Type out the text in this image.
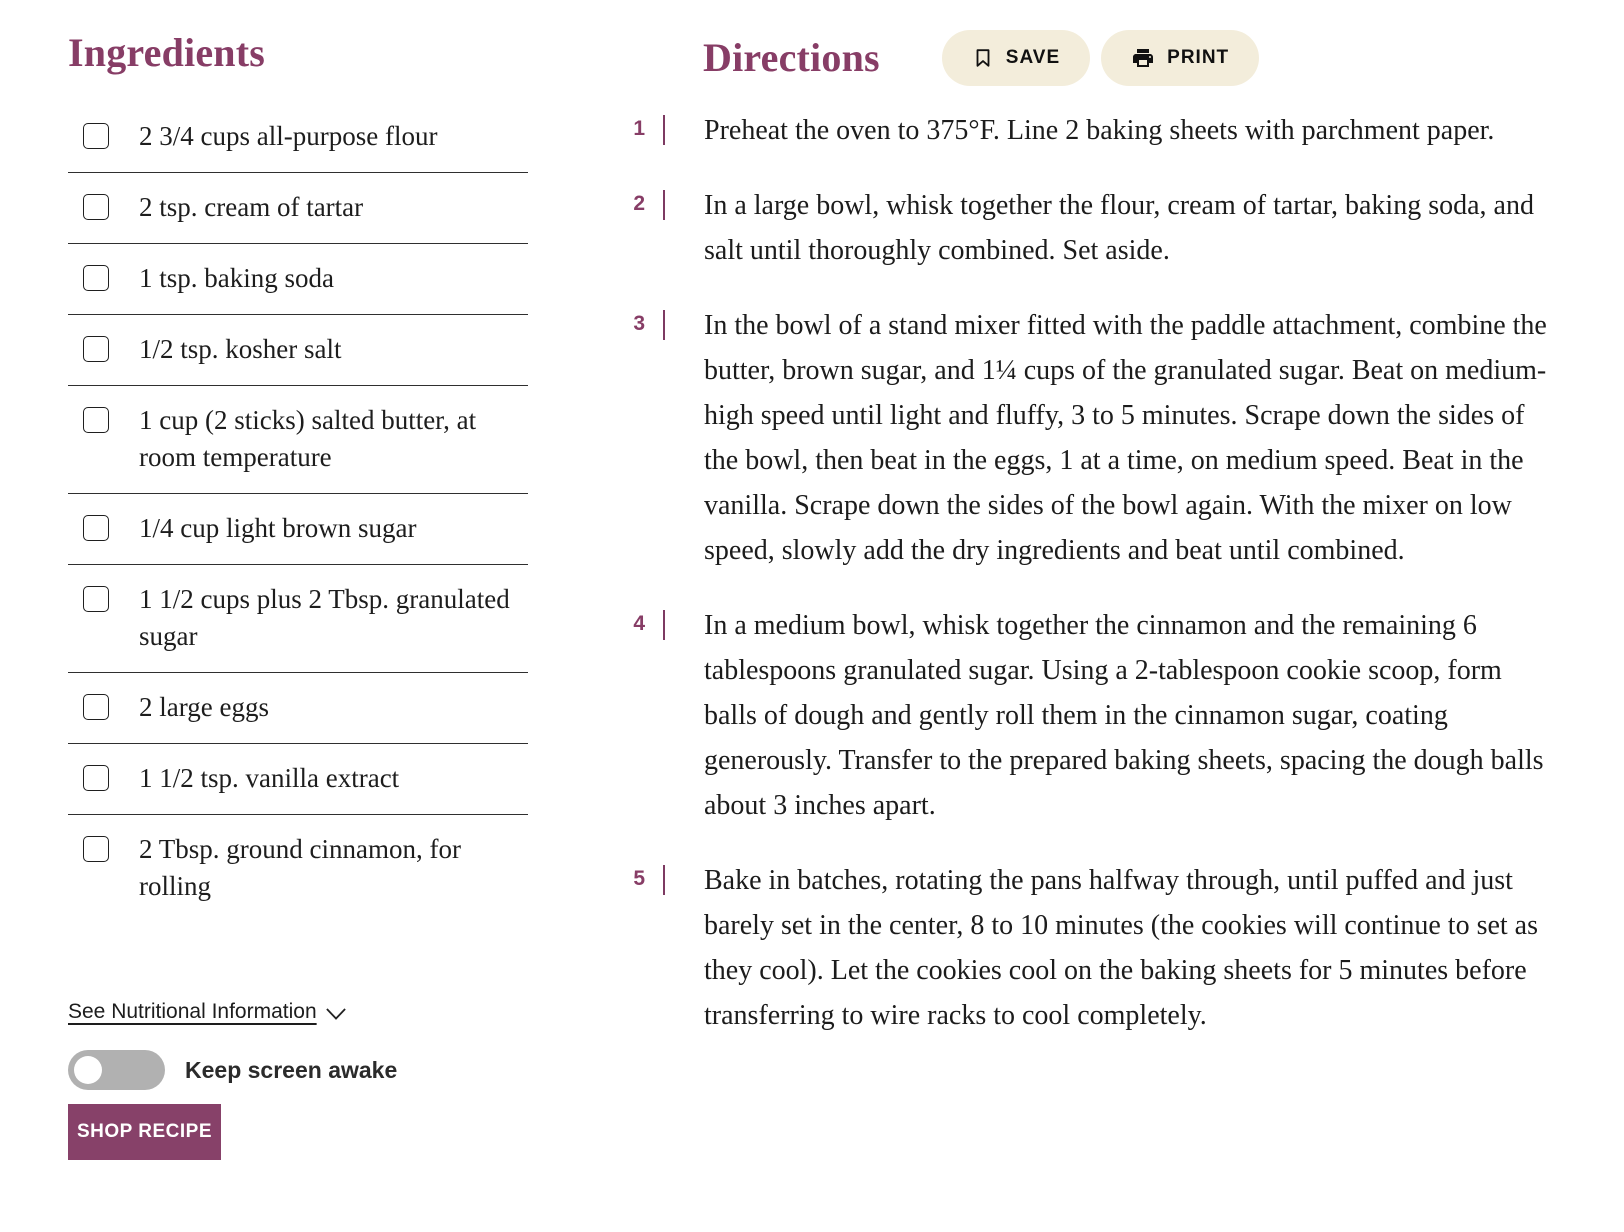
Ingredients
2 3/4 cups all-purpose flour
2 tsp. cream of tartar
1 tsp. baking soda
1/2 tsp. kosher salt
1 cup (2 sticks) salted butter, at room temperature
1/4 cup light brown sugar
1 1/2 cups plus 2 Tbsp. granulated sugar
2 large eggs
1 1/2 tsp. vanilla extract
2 Tbsp. ground cinnamon, for rolling
See Nutritional Information
Keep screen awake
SHOP RECIPE
Directions	SAVE	PRINT
1 Preheat the oven to 375°F. Line 2 baking sheets with parchment paper.

2 In a large bowl, whisk together the flour, cream of tartar, baking soda, and salt until thoroughly combined. Set aside.

3 In the bowl of a stand mixer fitted with the paddle attachment, combine the butter, brown sugar, and 1¼ cups of the granulated sugar. Beat on medium-high speed until light and fluffy, 3 to 5 minutes. Scrape down the sides of the bowl, then beat in the eggs, 1 at a time, on medium speed. Beat in the vanilla. Scrape down the sides of the bowl again. With the mixer on low speed, slowly add the dry ingredients and beat until combined.

4 In a medium bowl, whisk together the cinnamon and the remaining 6 tablespoons granulated sugar. Using a 2-tablespoon cookie scoop, form balls of dough and gently roll them in the cinnamon sugar, coating generously. Transfer to the prepared baking sheets, spacing the dough balls about 3 inches apart.

5 Bake in batches, rotating the pans halfway through, until puffed and just barely set in the center, 8 to 10 minutes (the cookies will continue to set as they cool). Let the cookies cool on the baking sheets for 5 minutes before transferring to wire racks to cool completely.
